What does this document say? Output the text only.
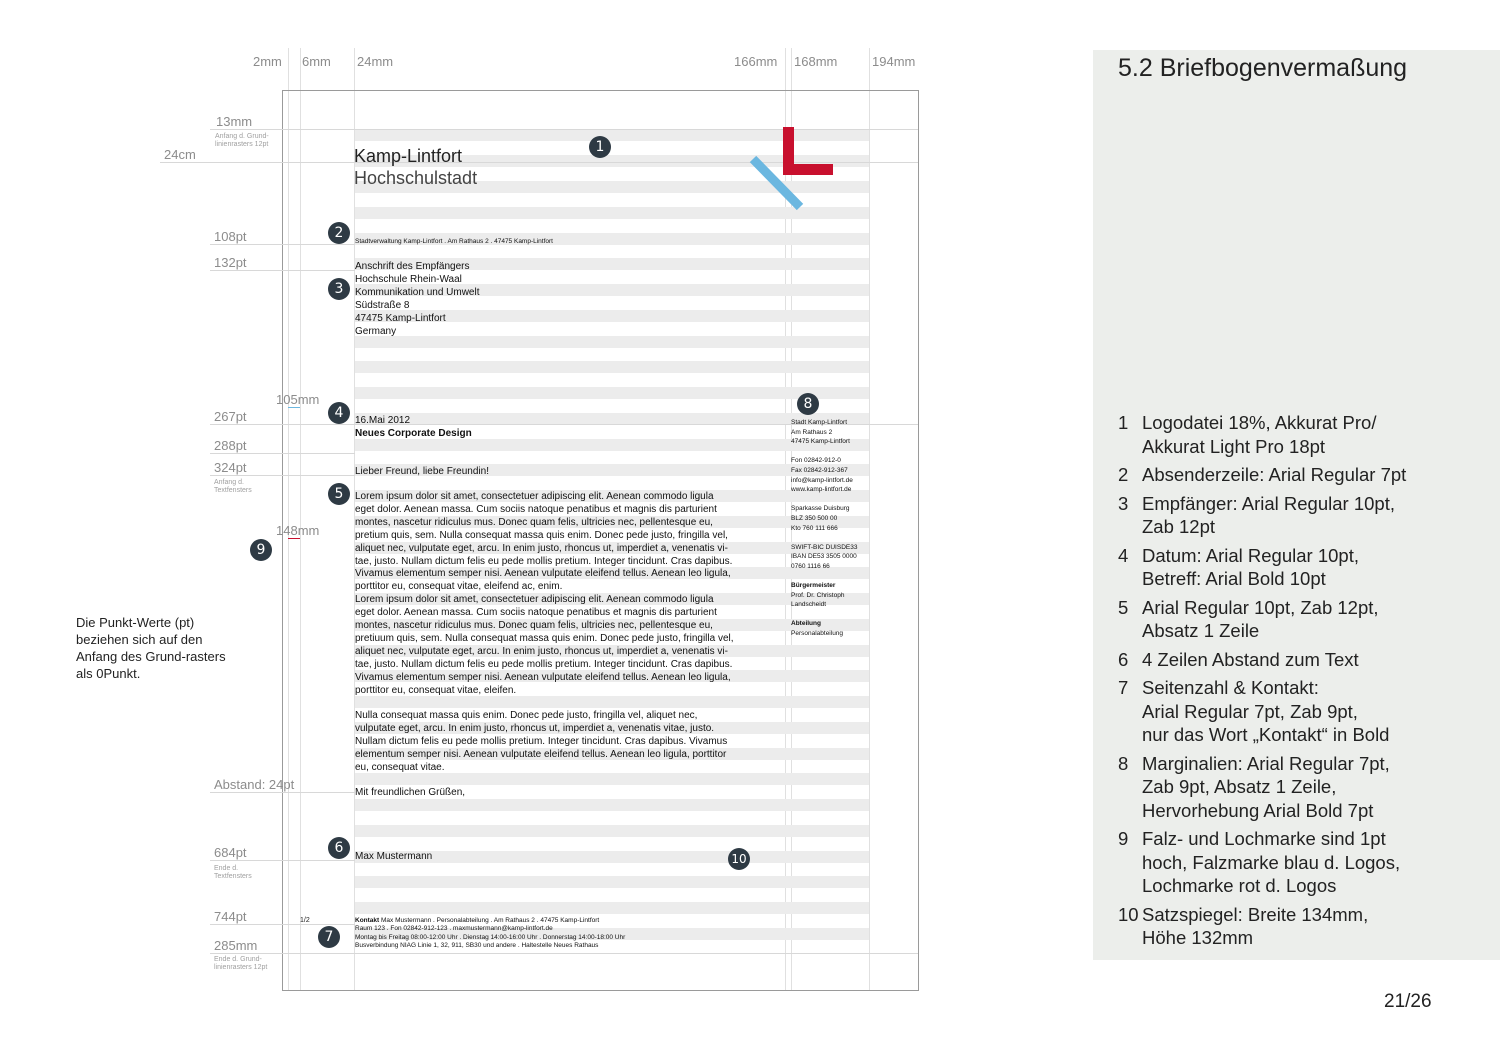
2mm 6mm 24mm	166mm 168mm	194mm
13mm
Anfang d. Grund-linienrasters 12pt
24cm
108pt
132pt
105mm
267pt
288pt
324pt
Anfang d. Textfensters
148mm
Abstand: 24pt
684pt
Ende d. Textfensters
744pt
285mm
Ende d. Grund-linienrasters 12pt
Die Punkt-Werte (pt) beziehen sich auf den Anfang des Grund-rasters als 0Punkt.
Kamp-Lintfort
Hochschulstadt
Stadtverwaltung Kamp-Lintfort . Am Rathaus 2 . 47475 Kamp-Lintfort
Anschrift des Empfängers
Hochschule Rhein-Waal
Kommunikation und Umwelt
Südstraße 8
47475 Kamp-Lintfort
Germany
16.Mai 2012
Neues Corporate Design
Lieber Freund, liebe Freundin!
Lorem ipsum dolor sit amet, consectetuer adipiscing elit. Aenean commodo ligula
eget dolor. Aenean massa. Cum sociis natoque penatibus et magnis dis parturient
montes, nascetur ridiculus mus. Donec quam felis, ultricies nec, pellentesque eu,
pretium quis, sem. Nulla consequat massa quis enim. Donec pede justo, fringilla vel,
aliquet nec, vulputate eget, arcu. In enim justo, rhoncus ut, imperdiet a, venenatis vi-
tae, justo. Nullam dictum felis eu pede mollis pretium. Integer tincidunt. Cras dapibus.
Vivamus elementum semper nisi. Aenean vulputate eleifend tellus. Aenean leo ligula,
porttitor eu, consequat vitae, eleifend ac, enim.
Lorem ipsum dolor sit amet, consectetuer adipiscing elit. Aenean commodo ligula
eget dolor. Aenean massa. Cum sociis natoque penatibus et magnis dis parturient
montes, nascetur ridiculus mus. Donec quam felis, ultricies nec, pellentesque eu,
pretiuum quis, sem. Nulla consequat massa quis enim. Donec pede justo, fringilla vel,
aliquet nec, vulputate eget, arcu. In enim justo, rhoncus ut, imperdiet a, venenatis vi-
tae, justo. Nullam dictum felis eu pede mollis pretium. Integer tincidunt. Cras dapibus.
Vivamus elementum semper nisi. Aenean vulputate eleifend tellus. Aenean leo ligula,
porttitor eu, consequat vitae, eleifen.
Nulla consequat massa quis enim. Donec pede justo, fringilla vel, aliquet nec,
vulputate eget, arcu. In enim justo, rhoncus ut, imperdiet a, venenatis vitae, justo.
Nullam dictum felis eu pede mollis pretium. Integer tincidunt. Cras dapibus. Vivamus
elementum semper nisi. Aenean vulputate eleifend tellus. Aenean leo ligula, porttitor
eu, consequat vitae.
Mit freundlichen Grüßen,
Max Mustermann
1/2	Kontakt Max Mustermann . Personalabteilung . Am Rathaus 2 . 47475 Kamp-Lintfort
Raum 123 . Fon 02842-912-123 . maxmustermann@kamp-lintfort.de
Montag bis Freitag 08:00-12:00 Uhr . Dienstag 14:00-16:00 Uhr . Donnerstag 14:00-18:00 Uhr
Busverbindung NIAG Linie 1, 32, 911, SB30 und andere . Haltestelle Neues Rathaus
Stadt Kamp-Lintfort
Am Rathaus 2
47475 Kamp-Lintfort
Fon 02842-912-0
Fax 02842-912-367
info@kamp-lintfort.de
www.kamp-lintfort.de
Sparkasse Duisburg
BLZ 350 500 00
Kto 760 111 666
SWIFT-BIC DUISDE33
IBAN DE53 3505 0000
0760 1116 66
Bürgermeister
Prof. Dr. Christoph
Landscheidt
Abteilung
Personalabteilung
1
2
3
4
5
6
7
8
9
10
5.2 Briefbogenvermaßung
1 Logodatei 18%, Akkurat Pro/
Akkurat Light Pro 18pt
2 Absenderzeile: Arial Regular 7pt
3 Empfänger: Arial Regular 10pt,
Zab 12pt
4 Datum: Arial Regular 10pt,
Betreff: Arial Bold 10pt
5 Arial Regular 10pt, Zab 12pt,
Absatz 1 Zeile
6 4 Zeilen Abstand zum Text
7 Seitenzahl & Kontakt:
Arial Regular 7pt, Zab 9pt,
nur das Wort „Kontakt“ in Bold
8 Marginalien: Arial Regular 7pt,
Zab 9pt, Absatz 1 Zeile,
Hervorhebung Arial Bold 7pt
9 Falz- und Lochmarke sind 1pt
hoch, Falzmarke blau d. Logos,
Lochmarke rot d. Logos
10 Satzspiegel: Breite 134mm,
Höhe 132mm
21/26
